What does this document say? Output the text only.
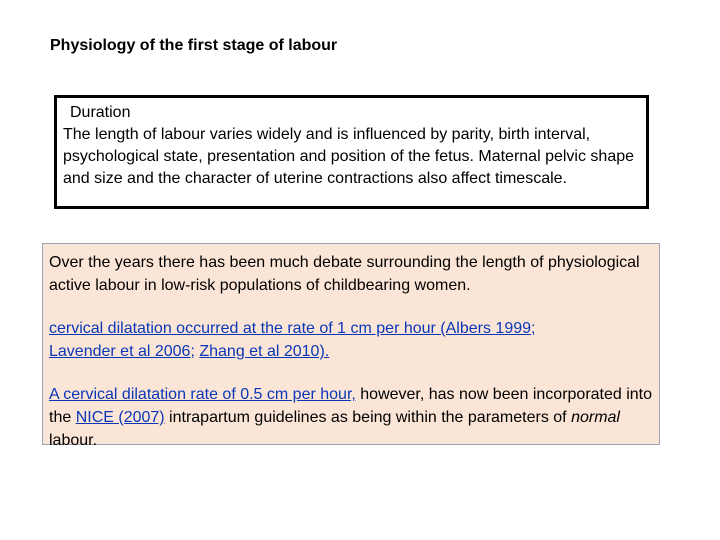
Physiology of the first stage of labour
Duration
The length of labour varies widely and is influenced by parity, birth interval, psychological state, presentation and position of the fetus. Maternal pelvic shape and size and the character of uterine contractions also affect timescale.

Over the years there has been much debate surrounding the length of physiological active labour in low-risk populations of childbearing women.

cervical dilatation occurred at the rate of 1 cm per hour (Albers 1999;
Lavender et al 2006; Zhang et al 2010).

A cervical dilatation rate of 0.5 cm per hour, however, has now been incorporated into the NICE (2007) intrapartum guidelines as being within the parameters of normal labour.
